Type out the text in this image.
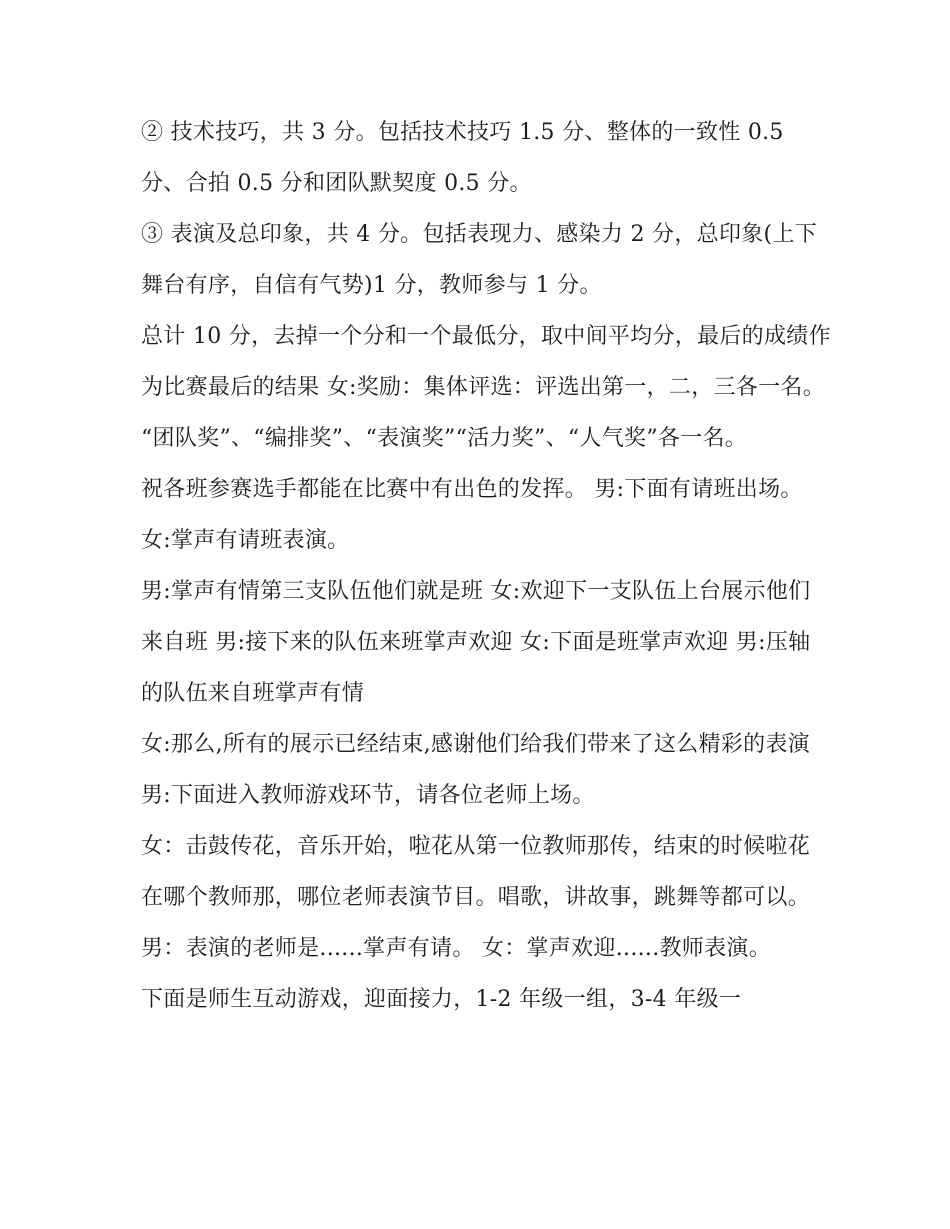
② 技术技巧，共 3 分。包括技术技巧 1.5 分、整体的一致性 0.5 分、合拍 0.5 分和团队默契度 0.5 分。

③ 表演及总印象，共 4 分。包括表现力、感染力 2 分，总印象(上下舞台有序，自信有气势)1 分，教师参与 1 分。

总计 10 分，去掉一个分和一个最低分，取中间平均分，最后的成绩作为比赛最后的结果 女:奖励：集体评选：评选出第一，二，三各一名。

“团队奖”、“编排奖”、“表演奖”“活力奖”、“人气奖”各一名。

祝各班参赛选手都能在比赛中有出色的发挥。 男:下面有请班出场。 女:掌声有请班表演。

男:掌声有情第三支队伍他们就是班 女:欢迎下一支队伍上台展示他们来自班 男:接下来的队伍来班掌声欢迎 女:下面是班掌声欢迎 男:压轴的队伍来自班掌声有情

女:那么,所有的展示已经结束,感谢他们给我们带来了这么精彩的表演 男:下面进入教师游戏环节，请各位老师上场。

女：击鼓传花，音乐开始，啦花从第一位教师那传，结束的时候啦花在哪个教师那，哪位老师表演节目。唱歌，讲故事，跳舞等都可以。

男：表演的老师是......掌声有请。 女：掌声欢迎......教师表演。

下面是师生互动游戏，迎面接力，1-2 年级一组，3-4 年级一
